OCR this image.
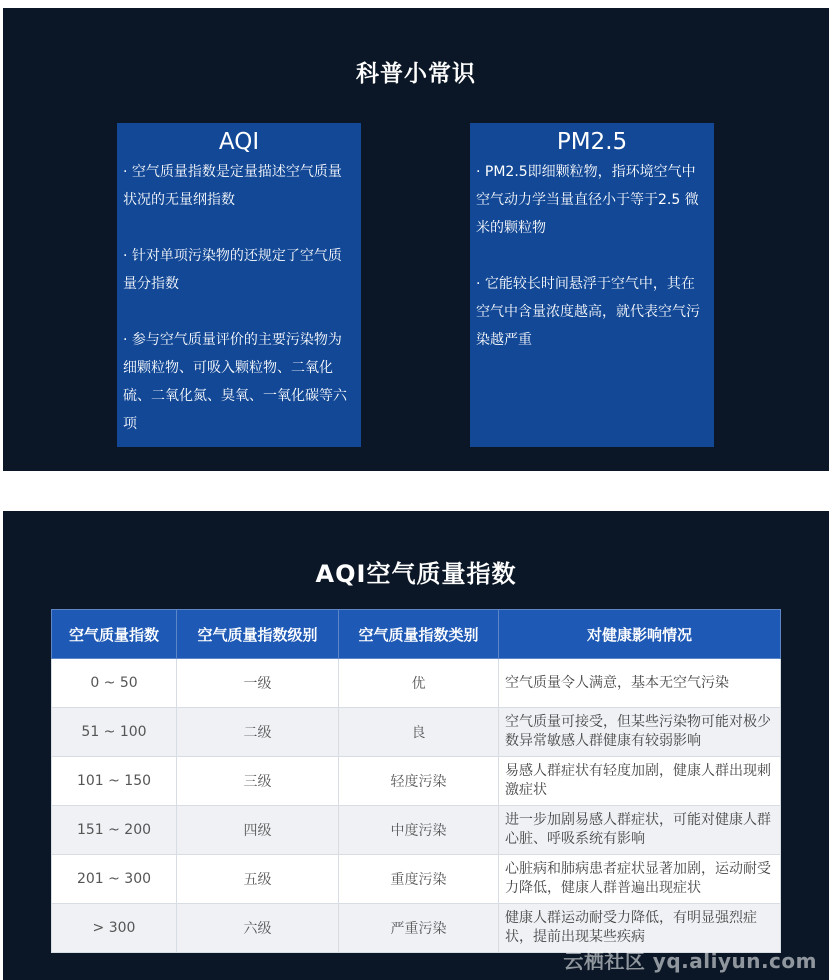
科普小常识
AQI

· 空气质量指数是定量描述空气质量状况的无量纲指数

· 针对单项污染物的还规定了空气质量分指数

· 参与空气质量评价的主要污染物为细颗粒物、可吸入颗粒物、二氧化硫、二氧化氮、臭氧、一氧化碳等六项

PM2.5

· PM2.5即细颗粒物，指环境空气中空气动力学当量直径小于等于2.5 微米的颗粒物

· 它能较长时间悬浮于空气中，其在空气中含量浓度越高，就代表空气污染越严重

AQI空气质量指数
空气质量指数	空气质量指数级别	空气质量指数类别	对健康影响情况
0 ~ 50	一级	优	空气质量令人满意，基本无空气污染
51 ~ 100	二级	良	空气质量可接受，但某些污染物可能对极少数异常敏感人群健康有较弱影响
101 ~ 150	三级	轻度污染	易感人群症状有轻度加剧，健康人群出现刺激症状
151 ~ 200	四级	中度污染	进一步加剧易感人群症状，可能对健康人群心脏、呼吸系统有影响
201 ~ 300	五级	重度污染	心脏病和肺病患者症状显著加剧，运动耐受力降低，健康人群普遍出现症状
> 300	六级	严重污染	健康人群运动耐受力降低，有明显强烈症状，提前出现某些疾病
云栖社区 yq.aliyun.com
